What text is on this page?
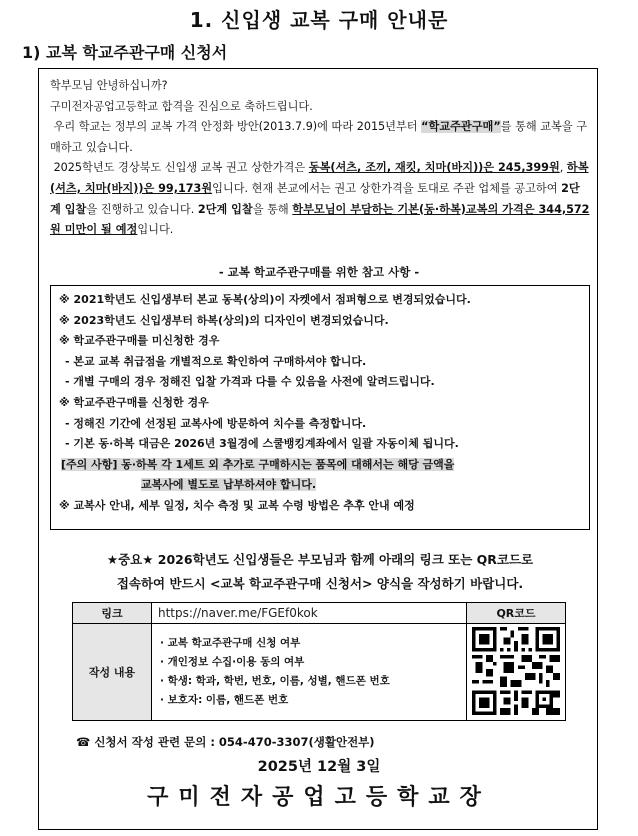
1. 신입생 교복 구매 안내문
1) 교복 학교주관구매 신청서

학부모님 안녕하십니까?

구미전자공업고등학교 합격을 진심으로 축하드립니다.

우리 학교는 정부의 교복 가격 안정화 방안(2013.7.9)에 따라 2015년부터 “학교주관구매”를 통해 교복을 구매하고 있습니다.

2025학년도 경상북도 신입생 교복 권고 상한가격은 동복(셔츠, 조끼, 재킷, 치마(바지))은 245,399원, 하복(셔츠, 치마(바지))은 99,173원입니다. 현재 본교에서는 권고 상한가격을 토대로 주관 업체를 공고하여 2단계 입찰을 진행하고 있습니다. 2단계 입찰을 통해 학부모님이 부담하는 기본(동·하복)교복의 가격은 344,572원 미만이 될 예정입니다.

- 교복 학교주관구매를 위한 참고 사항 -
※ 2021학년도 신입생부터 본교 동복(상의)이 자켓에서 점퍼형으로 변경되었습니다.
※ 2023학년도 신입생부터 하복(상의)의 디자인이 변경되었습니다.
※ 학교주관구매를 미신청한 경우
- 본교 교복 취급점을 개별적으로 확인하여 구매하셔야 합니다.
- 개별 구매의 경우 정해진 입찰 가격과 다를 수 있음을 사전에 알려드립니다.
※ 학교주관구매를 신청한 경우
- 정해진 기간에 선정된 교복사에 방문하여 치수를 측정합니다.
- 기본 동·하복 대금은 2026년 3월경에 스쿨뱅킹계좌에서 일괄 자동이체 됩니다.
[주의 사항] 동·하복 각 1세트 외 추가로 구매하시는 품목에 대해서는 해당 금액을
교복사에 별도로 납부하셔야 합니다.
※ 교복사 안내, 세부 일정, 치수 측정 및 교복 수령 방법은 추후 안내 예정
★중요★ 2026학년도 신입생들은 부모님과 함께 아래의 링크 또는 QR코드로
접속하여 반드시 <교복 학교주관구매 신청서> 양식을 작성하기 바랍니다.
링크	https://naver.me/FGEf0kok	QR코드
작성 내용	· 교복 학교주관구매 신청 여부
· 개인정보 수집·이용 동의 여부
· 학생: 학과, 학번, 번호, 이름, 성별, 핸드폰 번호
· 보호자: 이름, 핸드폰 번호

☎ 신청서 작성 관련 문의 : 054-470-3307(생활안전부)
2025년 12월 3일
구미전자공업고등학교장
